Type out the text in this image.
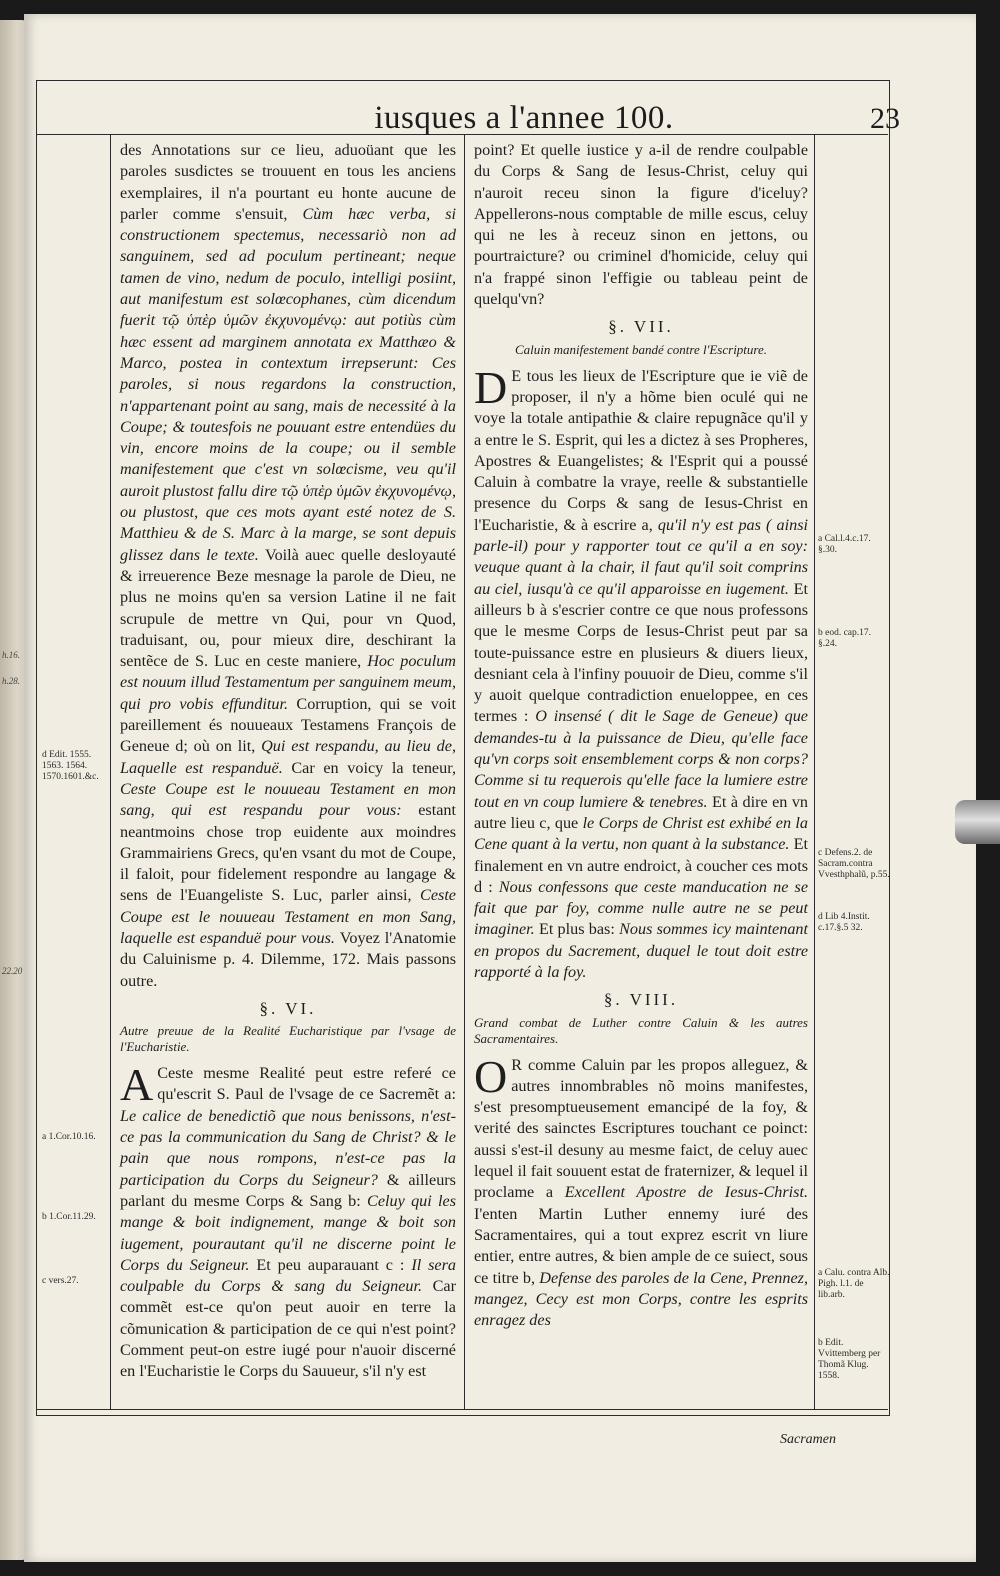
h.16.
h.28.
22.20
iusques a l'annee 100.	23
d Edit. 1555. 1563. 1564. 1570.1601.&c.
a 1.Cor.10.16.
b 1.Cor.11.29.
c vers.27.
a Cal.l.4.c.17. §.30.
b eod. cap.17. §.24.
c Defens.2. de Sacram.contra Vvesthphalũ, p.55.
d Lib 4.Instit. c.17.§.5 32.
a Calu. contra Alb. Pigh. l.1. de lib.arb.
b Edit. Vvittemberg per Thomã Klug. 1558.

des Annotations sur ce lieu, aduoüant que les paroles susdictes se trouuent en tous les anciens exemplaires, il n'a pourtant eu honte aucune de parler comme s'ensuit, Cùm hæc verba, si constructionem spectemus, necessariò non ad sanguinem, sed ad poculum pertineant; neque tamen de vino, nedum de poculo, intelligi posiint, aut manifestum est solœcophanes, cùm dicendum fuerit τῷ ὑπὲρ ὑμῶν ἐκχυνομένῳ: aut potiùs cùm hæc essent ad marginem annotata ex Matthæo & Marco, postea in contextum irrepserunt: Ces paroles, si nous regardons la construction, n'appartenant point au sang, mais de necessité à la Coupe; & toutesfois ne pouuant estre entendües du vin, encore moins de la coupe; ou il semble manifestement que c'est vn solœcisme, veu qu'il auroit plustost fallu dire τῷ ὑπὲρ ὑμῶν ἐκχυνομένῳ, ou plustost, que ces mots ayant esté notez de S. Matthieu & de S. Marc à la marge, se sont depuis glissez dans le texte. Voilà auec quelle desloyauté & irreuerence Beze mesnage la parole de Dieu, ne plus ne moins qu'en sa version Latine il ne fait scrupule de mettre vn Qui, pour vn Quod, traduisant, ou, pour mieux dire, deschirant la sentẽce de S. Luc en ceste maniere, Hoc poculum est nouum illud Testamentum per sanguinem meum, qui pro vobis effunditur. Corruption, qui se voit pareillement és nouueaux Testamens François de Geneue d; où on lit, Qui est respandu, au lieu de, Laquelle est respanduë. Car en voicy la teneur, Ceste Coupe est le nouueau Testament en mon sang, qui est respandu pour vous: estant neantmoins chose trop euidente aux moindres Grammairiens Grecs, qu'en vsant du mot de Coupe, il faloit, pour fidelement respondre au langage & sens de l'Euangeliste S. Luc, parler ainsi, Ceste Coupe est le nouueau Testament en mon Sang, laquelle est espanduë pour vous. Voyez l'Anatomie du Caluinisme p. 4. Dilemme, 172. Mais passons outre.

§. VI.
Autre preuue de la Realité Eucharistique par l'vsage de l'Eucharistie.

A Ceste mesme Realité peut estre referé ce qu'escrit S. Paul de l'vsage de ce Sacremẽt a: Le calice de benedictiõ que nous benissons, n'est-ce pas la communication du Sang de Christ? & le pain que nous rompons, n'est-ce pas la participation du Corps du Seigneur? & ailleurs parlant du mesme Corps & Sang b: Celuy qui les mange & boit indignement, mange & boit son iugement, pourautant qu'il ne discerne point le Corps du Seigneur. Et peu auparauant c : Il sera coulpable du Corps & sang du Seigneur. Car commẽt est-ce qu'on peut auoir en terre la cõmunication & participation de ce qui n'est point? Comment peut-on estre iugé pour n'auoir discerné en l'Eucharistie le Corps du Sauueur, s'il n'y est

point? Et quelle iustice y a-il de rendre coulpable du Corps & Sang de Iesus-Christ, celuy qui n'auroit receu sinon la figure d'iceluy? Appellerons-nous comptable de mille escus, celuy qui ne les à receuz sinon en jettons, ou pourtraicture? ou criminel d'homicide, celuy qui n'a frappé sinon l'effigie ou tableau peint de quelqu'vn?

§. VII.
Caluin manifestement bandé contre l'Escripture.

D E tous les lieux de l'Escripture que ie viẽ de proposer, il n'y a hõme bien oculé qui ne voye la totale antipathie & claire repugnãce qu'il y a entre le S. Esprit, qui les a dictez à ses Propheres, Apostres & Euangelistes; & l'Esprit qui a poussé Caluin à combatre la vraye, reelle & substantielle presence du Corps & sang de Iesus-Christ en l'Eucharistie, & à escrire a, qu'il n'y est pas ( ainsi parle-il) pour y rapporter tout ce qu'il a en soy: veuque quant à la chair, il faut qu'il soit comprins au ciel, iusqu'à ce qu'il apparoisse en iugement. Et ailleurs b à s'escrier contre ce que nous professons que le mesme Corps de Iesus-Christ peut par sa toute-puissance estre en plusieurs & diuers lieux, desniant cela à l'infiny pouuoir de Dieu, comme s'il y auoit quelque contradiction enueloppee, en ces termes : O insensé ( dit le Sage de Geneue) que demandes-tu à la puissance de Dieu, qu'elle face qu'vn corps soit ensemblement corps & non corps? Comme si tu requerois qu'elle face la lumiere estre tout en vn coup lumiere & tenebres. Et à dire en vn autre lieu c, que le Corps de Christ est exhibé en la Cene quant à la vertu, non quant à la substance. Et finalement en vn autre endroict, à coucher ces mots d : Nous confessons que ceste manducation ne se fait que par foy, comme nulle autre ne se peut imaginer. Et plus bas: Nous sommes icy maintenant en propos du Sacrement, duquel le tout doit estre rapporté à la foy.

§. VIII.
Grand combat de Luther contre Caluin & les autres Sacramentaires.

O R comme Caluin par les propos alleguez, & autres innombrables nõ moins manifestes, s'est presomptueusement emancipé de la foy, & verité des sainctes Escriptures touchant ce poinct: aussi s'est-il desuny au mesme faict, de celuy auec lequel il fait souuent estat de fraternizer, & lequel il proclame a Excellent Apostre de Iesus-Christ. I'enten Martin Luther ennemy iuré des Sacramentaires, qui a tout exprez escrit vn liure entier, entre autres, & bien ample de ce suiect, sous ce titre b, Defense des paroles de la Cene, Prennez, mangez, Cecy est mon Corps, contre les esprits enragez des

Sacramen
